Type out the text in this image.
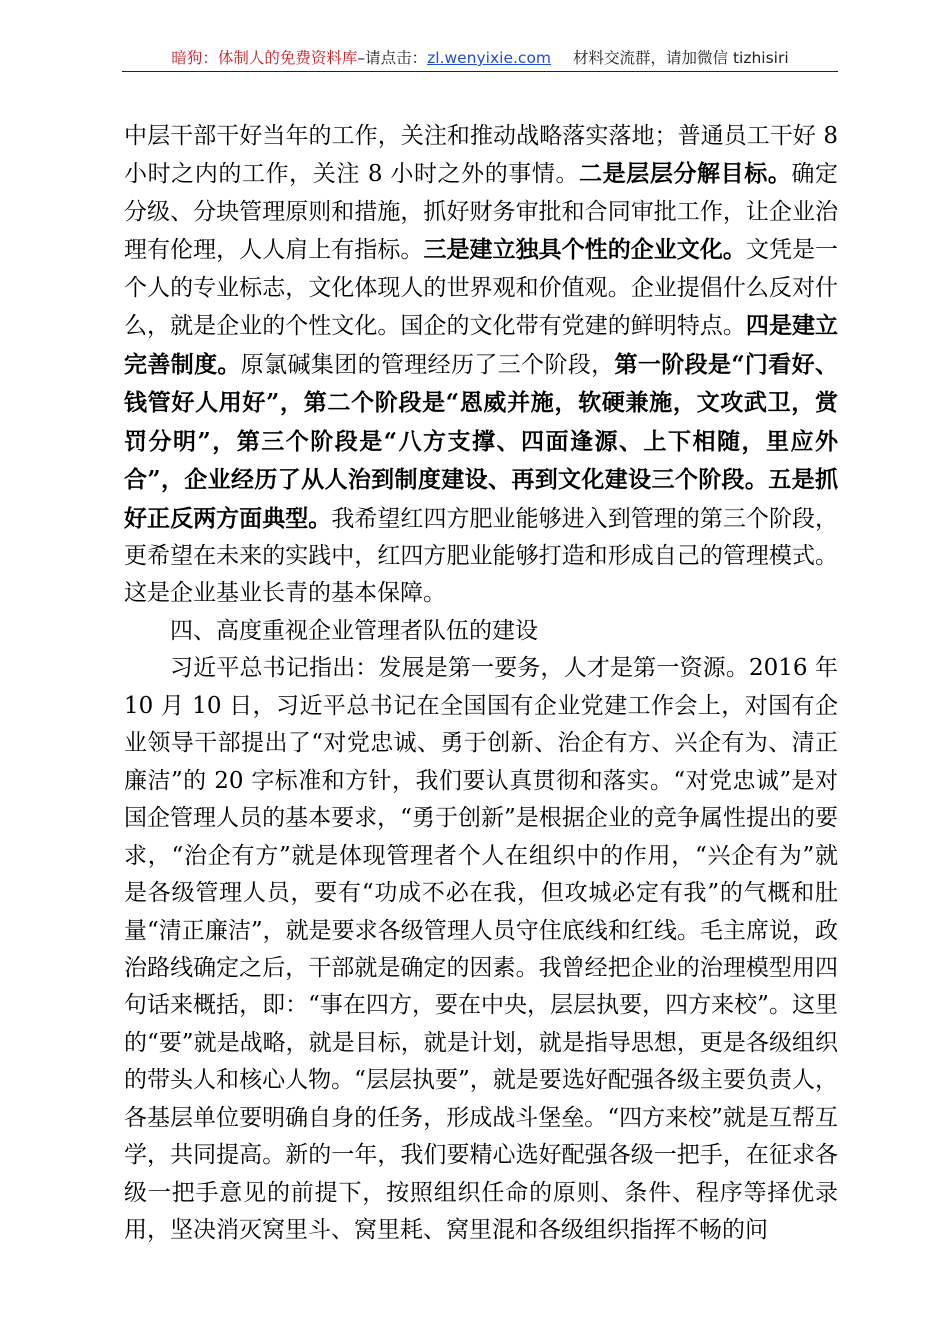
暗狗：体制人的免费资料库–请点击：zl.wenyixie.com 材料交流群，请加微信 tizhisiri

中层干部干好当年的工作，关注和推动战略落实落地；普通员工干好 8 小时之内的工作，关注 8 小时之外的事情。二是层层分解目标。确定分级、分块管理原则和措施，抓好财务审批和合同审批工作，让企业治理有伦理，人人肩上有指标。三是建立独具个性的企业文化。文凭是一个人的专业标志，文化体现人的世界观和价值观。企业提倡什么反对什么，就是企业的个性文化。国企的文化带有党建的鲜明特点。四是建立完善制度。原氯碱集团的管理经历了三个阶段，第一阶段是“门看好、钱管好人用好”，第二个阶段是“恩威并施，软硬兼施，文攻武卫，赏罚分明”，第三个阶段是“八方支撑、四面逢源、上下相随，里应外合”，企业经历了从人治到制度建设、再到文化建设三个阶段。五是抓好正反两方面典型。我希望红四方肥业能够进入到管理的第三个阶段，更希望在未来的实践中，红四方肥业能够打造和形成自己的管理模式。这是企业基业长青的基本保障。

四、高度重视企业管理者队伍的建设

习近平总书记指出：发展是第一要务，人才是第一资源。2016 年 10 月 10 日，习近平总书记在全国国有企业党建工作会上，对国有企业领导干部提出了“对党忠诚、勇于创新、治企有方、兴企有为、清正廉洁”的 20 字标准和方针，我们要认真贯彻和落实。“对党忠诚”是对国企管理人员的基本要求，“勇于创新”是根据企业的竞争属性提出的要求，“治企有方”就是体现管理者个人在组织中的作用，“兴企有为”就是各级管理人员，要有“功成不必在我，但攻城必定有我”的气概和肚量“清正廉洁”，就是要求各级管理人员守住底线和红线。毛主席说，政治路线确定之后，干部就是确定的因素。我曾经把企业的治理模型用四句话来概括，即：“事在四方，要在中央，层层执要，四方来校”。这里的“要”就是战略，就是目标，就是计划，就是指导思想，更是各级组织的带头人和核心人物。“层层执要”，就是要选好配强各级主要负责人，各基层单位要明确自身的任务，形成战斗堡垒。“四方来校”就是互帮互学，共同提高。新的一年，我们要精心选好配强各级一把手，在征求各级一把手意见的前提下，按照组织任命的原则、条件、程序等择优录用，坚决消灭窝里斗、窝里耗、窝里混和各级组织指挥不畅的问
